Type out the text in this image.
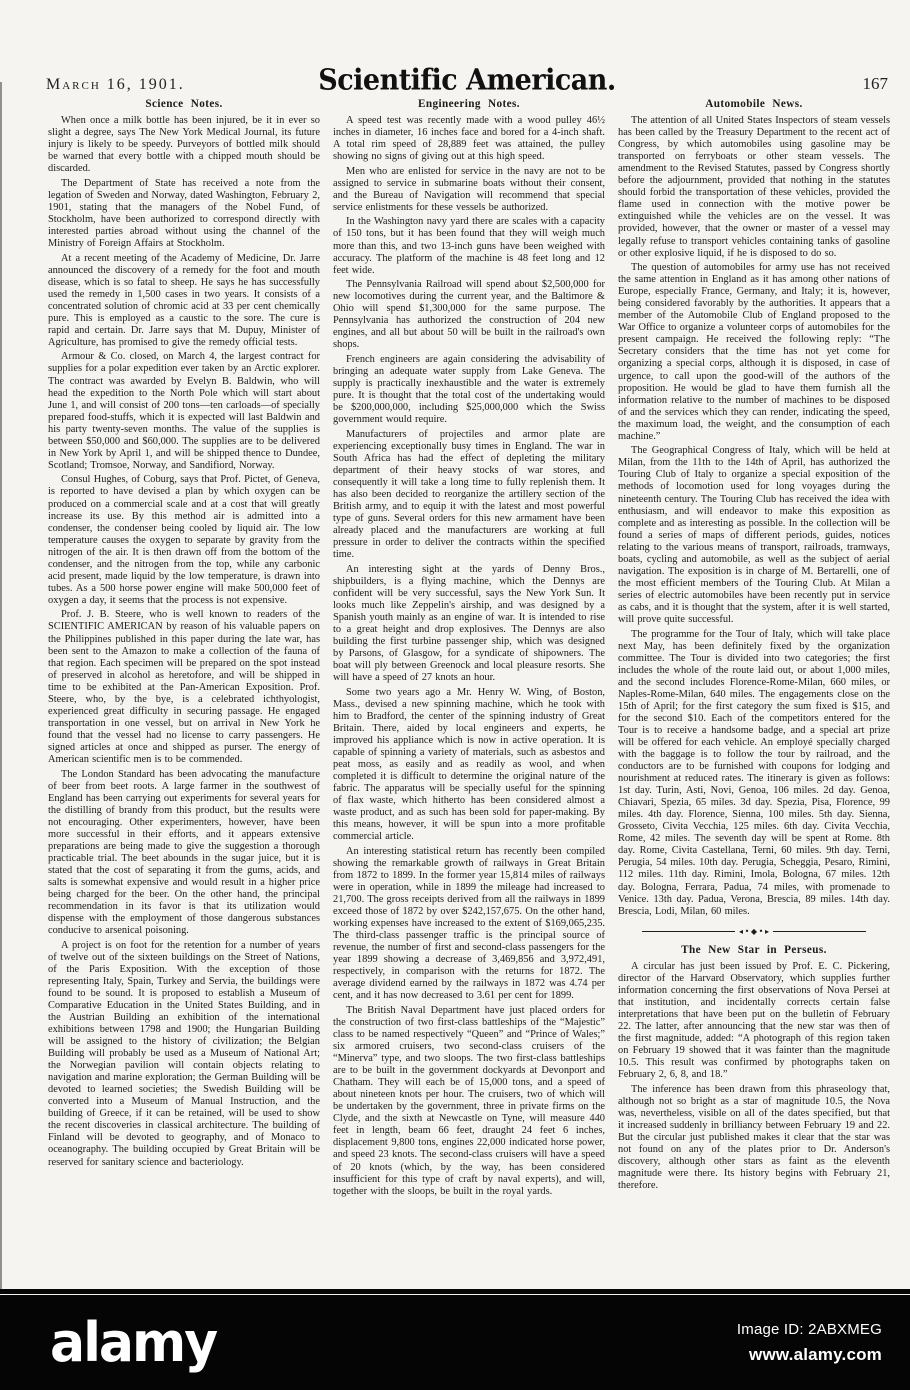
March 16, 1901.	Scientific American.	167
Science Notes.

When once a milk bottle has been injured, be it in ever so slight a degree, says The New York Medical Journal, its future injury is likely to be speedy. Purveyors of bottled milk should be warned that every bottle with a chipped mouth should be discarded.

The Department of State has received a note from the legation of Sweden and Norway, dated Washington, February 2, 1901, stating that the managers of the Nobel Fund, of Stockholm, have been authorized to correspond directly with interested parties abroad without using the channel of the Ministry of Foreign Affairs at Stockholm.

At a recent meeting of the Academy of Medicine, Dr. Jarre announced the discovery of a remedy for the foot and mouth disease, which is so fatal to sheep. He says he has successfully used the remedy in 1,500 cases in two years. It consists of a concentrated solution of chromic acid at 33 per cent chemically pure. This is employed as a caustic to the sore. The cure is rapid and certain. Dr. Jarre says that M. Dupuy, Minister of Agriculture, has promised to give the remedy official tests.

Armour & Co. closed, on March 4, the largest contract for supplies for a polar expedition ever taken by an Arctic explorer. The contract was awarded by Evelyn B. Baldwin, who will head the expedition to the North Pole which will start about June 1, and will consist of 200 tons—ten carloads—of specially prepared food-stuffs, which it is expected will last Baldwin and his party twenty-seven months. The value of the supplies is between $50,000 and $60,000. The supplies are to be delivered in New York by April 1, and will be shipped thence to Dundee, Scotland; Tromsoe, Norway, and Sandifiord, Norway.

Consul Hughes, of Coburg, says that Prof. Pictet, of Geneva, is reported to have devised a plan by which oxygen can be produced on a commercial scale and at a cost that will greatly increase its use. By this method air is admitted into a condenser, the condenser being cooled by liquid air. The low temperature causes the oxygen to separate by gravity from the nitrogen of the air. It is then drawn off from the bottom of the condenser, and the nitrogen from the top, while any carbonic acid present, made liquid by the low temperature, is drawn into tubes. As a 500 horse power engine will make 500,000 feet of oxygen a day, it seems that the process is not expensive.

Prof. J. B. Steere, who is well known to readers of the SCIENTIFIC AMERICAN by reason of his valuable papers on the Philippines published in this paper during the late war, has been sent to the Amazon to make a collection of the fauna of that region. Each specimen will be prepared on the spot instead of preserved in alcohol as heretofore, and will be shipped in time to be exhibited at the Pan-American Exposition. Prof. Steere, who, by the bye, is a celebrated ichthyologist, experienced great difficulty in securing passage. He engaged transportation in one vessel, but on arrival in New York he found that the vessel had no license to carry passengers. He signed articles at once and shipped as purser. The energy of American scientific men is to be commended.

The London Standard has been advocating the manufacture of beer from beet roots. A large farmer in the southwest of England has been carrying out experiments for several years for the distilling of brandy from this product, but the results were not encouraging. Other experimenters, however, have been more successful in their efforts, and it appears extensive preparations are being made to give the suggestion a thorough practicable trial. The beet abounds in the sugar juice, but it is stated that the cost of separating it from the gums, acids, and salts is somewhat expensive and would result in a higher price being charged for the beer. On the other hand, the principal recommendation in its favor is that its utilization would dispense with the employment of those dangerous substances conducive to arsenical poisoning.

A project is on foot for the retention for a number of years of twelve out of the sixteen buildings on the Street of Nations, of the Paris Exposition. With the exception of those representing Italy, Spain, Turkey and Servia, the buildings were found to be sound. It is proposed to establish a Museum of Comparative Education in the United States Building, and in the Austrian Building an exhibition of the international exhibitions between 1798 and 1900; the Hungarian Building will be assigned to the history of civilization; the Belgian Building will probably be used as a Museum of National Art; the Norwegian pavilion will contain objects relating to navigation and marine exploration; the German Building will be devoted to learned societies; the Swedish Building will be converted into a Museum of Manual Instruction, and the building of Greece, if it can be retained, will be used to show the recent discoveries in classical architecture. The building of Finland will be devoted to geography, and of Monaco to oceanography. The building occupied by Great Britain will be reserved for sanitary science and bacteriology.

Engineering Notes.

A speed test was recently made with a wood pulley 46½ inches in diameter, 16 inches face and bored for a 4-inch shaft. A total rim speed of 28,889 feet was attained, the pulley showing no signs of giving out at this high speed.

Men who are enlisted for service in the navy are not to be assigned to service in submarine boats without their consent, and the Bureau of Navigation will recommend that special service enlistments for these vessels be authorized.

In the Washington navy yard there are scales with a capacity of 150 tons, but it has been found that they will weigh much more than this, and two 13-inch guns have been weighed with accuracy. The platform of the machine is 48 feet long and 12 feet wide.

The Pennsylvania Railroad will spend about $2,500,000 for new locomotives during the current year, and the Baltimore & Ohio will spend $1,300,000 for the same purpose. The Pennsylvania has authorized the construction of 204 new engines, and all but about 50 will be built in the railroad's own shops.

French engineers are again considering the advisability of bringing an adequate water supply from Lake Geneva. The supply is practically inexhaustible and the water is extremely pure. It is thought that the total cost of the undertaking would be $200,000,000, including $25,000,000 which the Swiss government would require.

Manufacturers of projectiles and armor plate are experiencing exceptionally busy times in England. The war in South Africa has had the effect of depleting the military department of their heavy stocks of war stores, and consequently it will take a long time to fully replenish them. It has also been decided to reorganize the artillery section of the British army, and to equip it with the latest and most powerful type of guns. Several orders for this new armament have been already placed and the manufacturers are working at full pressure in order to deliver the contracts within the specified time.

An interesting sight at the yards of Denny Bros., shipbuilders, is a flying machine, which the Dennys are confident will be very successful, says the New York Sun. It looks much like Zeppelin's airship, and was designed by a Spanish youth mainly as an engine of war. It is intended to rise to a great height and drop explosives. The Dennys are also building the first turbine passenger ship, which was designed by Parsons, of Glasgow, for a syndicate of shipowners. The boat will ply between Greenock and local pleasure resorts. She will have a speed of 27 knots an hour.

Some two years ago a Mr. Henry W. Wing, of Boston, Mass., devised a new spinning machine, which he took with him to Bradford, the center of the spinning industry of Great Britain. There, aided by local engineers and experts, he improved his appliance which is now in active operation. It is capable of spinning a variety of materials, such as asbestos and peat moss, as easily and as readily as wool, and when completed it is difficult to determine the original nature of the fabric. The apparatus will be specially useful for the spinning of flax waste, which hitherto has been considered almost a waste product, and as such has been sold for paper-making. By this means, however, it will be spun into a more profitable commercial article.

An interesting statistical return has recently been compiled showing the remarkable growth of railways in Great Britain from 1872 to 1899. In the former year 15,814 miles of railways were in operation, while in 1899 the mileage had increased to 21,700. The gross receipts derived from all the railways in 1899 exceed those of 1872 by over $242,157,675. On the other hand, working expenses have increased to the extent of $169,065,235. The third-class passenger traffic is the principal source of revenue, the number of first and second-class passengers for the year 1899 showing a decrease of 3,469,856 and 3,972,491, respectively, in comparison with the returns for 1872. The average dividend earned by the railways in 1872 was 4.74 per cent, and it has now decreased to 3.61 per cent for 1899.

The British Naval Department have just placed orders for the construction of two first-class battleships of the “Majestic” class to be named respectively “Queen” and “Prince of Wales;” six armored cruisers, two second-class cruisers of the “Minerva” type, and two sloops. The two first-class battleships are to be built in the government dockyards at Devonport and Chatham. They will each be of 15,000 tons, and a speed of about nineteen knots per hour. The cruisers, two of which will be undertaken by the government, three in private firms on the Clyde, and the sixth at Newcastle on Tyne, will measure 440 feet in length, beam 66 feet, draught 24 feet 6 inches, displacement 9,800 tons, engines 22,000 indicated horse power, and speed 23 knots. The second-class cruisers will have a speed of 20 knots (which, by the way, has been considered insufficient for this type of craft by naval experts), and will, together with the sloops, be built in the royal yards.

Automobile News.

The attention of all United States Inspectors of steam vessels has been called by the Treasury Department to the recent act of Congress, by which automobiles using gasoline may be transported on ferryboats or other steam vessels. The amendment to the Revised Statutes, passed by Congress shortly before the adjournment, provided that nothing in the statutes should forbid the transportation of these vehicles, provided the flame used in connection with the motive power be extinguished while the vehicles are on the vessel. It was provided, however, that the owner or master of a vessel may legally refuse to transport vehicles containing tanks of gasoline or other explosive liquid, if he is disposed to do so.

The question of automobiles for army use has not received the same attention in England as it has among other nations of Europe, especially France, Germany, and Italy; it is, however, being considered favorably by the authorities. It appears that a member of the Automobile Club of England proposed to the War Office to organize a volunteer corps of automobiles for the present campaign. He received the following reply: “The Secretary considers that the time has not yet come for organizing a special corps, although it is disposed, in case of urgence, to call upon the good-will of the authors of the proposition. He would be glad to have them furnish all the information relative to the number of machines to be disposed of and the services which they can render, indicating the speed, the maximum load, the weight, and the consumption of each machine.”

The Geographical Congress of Italy, which will be held at Milan, from the 11th to the 14th of April, has authorized the Touring Club of Italy to organize a special exposition of the methods of locomotion used for long voyages during the nineteenth century. The Touring Club has received the idea with enthusiasm, and will endeavor to make this exposition as complete and as interesting as possible. In the collection will be found a series of maps of different periods, guides, notices relating to the various means of transport, railroads, tramways, boats, cycling and automobile, as well as the subject of aerial navigation. The exposition is in charge of M. Bertarelli, one of the most efficient members of the Touring Club. At Milan a series of electric automobiles have been recently put in service as cabs, and it is thought that the system, after it is well started, will prove quite successful.

The programme for the Tour of Italy, which will take place next May, has been definitely fixed by the organization committee. The Tour is divided into two categories; the first includes the whole of the route laid out, or about 1,000 miles, and the second includes Florence-Rome-Milan, 660 miles, or Naples-Rome-Milan, 640 miles. The engagements close on the 15th of April; for the first category the sum fixed is $15, and for the second $10. Each of the competitors entered for the Tour is to receive a handsome badge, and a special art prize will be offered for each vehicle. An employé specially charged with the baggage is to follow the tour by railroad, and the conductors are to be furnished with coupons for lodging and nourishment at reduced rates. The itinerary is given as follows: 1st day. Turin, Asti, Novi, Genoa, 106 miles. 2d day. Genoa, Chiavari, Spezia, 65 miles. 3d day. Spezia, Pisa, Florence, 99 miles. 4th day. Florence, Sienna, 100 miles. 5th day. Sienna, Grosseto, Civita Vecchia, 125 miles. 6th day. Civita Vecchia, Rome, 42 miles. The seventh day will be spent at Rome. 8th day. Rome, Civita Castellana, Terni, 60 miles. 9th day. Terni, Perugia, 54 miles. 10th day. Perugia, Scheggia, Pesaro, Rimini, 112 miles. 11th day. Rimini, Imola, Bologna, 67 miles. 12th day. Bologna, Ferrara, Padua, 74 miles, with promenade to Venice. 13th day. Padua, Verona, Brescia, 89 miles. 14th day. Brescia, Lodi, Milan, 60 miles.

◂ • ◆ • ▸
The New Star in Perseus.

A circular has just been issued by Prof. E. C. Pickering, director of the Harvard Observatory, which supplies further information concerning the first observations of Nova Persei at that institution, and incidentally corrects certain false interpretations that have been put on the bulletin of February 22. The latter, after announcing that the new star was then of the first magnitude, added: “A photograph of this region taken on February 19 showed that it was fainter than the magnitude 10.5. This result was confirmed by photographs taken on February 2, 6, 8, and 18.”

The inference has been drawn from this phraseology that, although not so bright as a star of magnitude 10.5, the Nova was, nevertheless, visible on all of the dates specified, but that it increased suddenly in brilliancy between February 19 and 22. But the circular just published makes it clear that the star was not found on any of the plates prior to Dr. Anderson's discovery, although other stars as faint as the eleventh magnitude were there. Its history begins with February 21, therefore.

alamy	Image ID: 2ABXMEG
www.alamy.com
